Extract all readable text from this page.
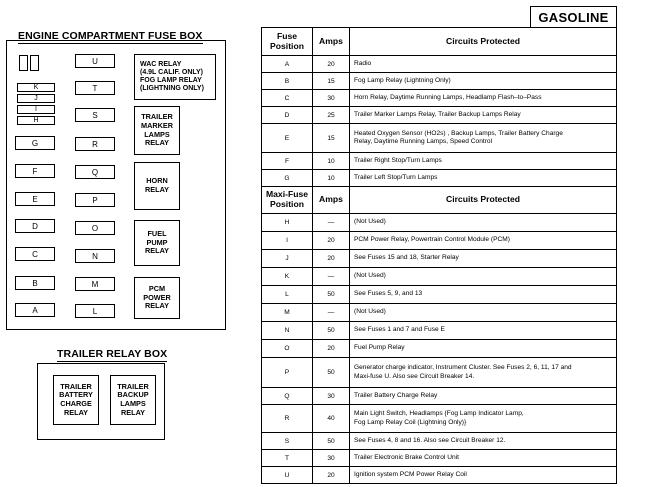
ENGINE COMPARTMENT FUSE BOX
K
J
I
H
G
F
E
D
C
B
A
U
T
S
R
Q
P
O
N
M
L
WAC RELAY
(4.9L CALIF. ONLY)
FOG LAMP RELAY
(LIGHTNING ONLY)
TRAILER
MARKER
LAMPS
RELAY
HORN
RELAY
FUEL
PUMP
RELAY
PCM
POWER
RELAY
TRAILER RELAY BOX
TRAILER
BATTERY
CHARGE
RELAY
TRAILER
BACKUP
LAMPS
RELAY
GASOLINE
Fuse
Position	Amps	Circuits Protected
A	20	Radio
B	15	Fog Lamp Relay (Lightning Only)
C	30	Horn Relay, Daytime Running Lamps, Headlamp Flash–to–Pass
D	25	Trailer Marker Lamps Relay, Trailer Backup Lamps Relay
E	15	Heated Oxygen Sensor (HO2s) , Backup Lamps, Trailer Battery Charge
Relay, Daytime Running Lamps, Speed Control
F	10	Trailer Right Stop/Turn Lamps
G	10	Trailer Left Stop/Turn Lamps
Maxi-Fuse
Position	Amps	Circuits Protected
H	—	(Not Used)
I	20	PCM Power Relay, Powertrain Control Module (PCM)
J	20	See Fuses 15 and 18, Starter Relay
K	—	(Not Used)
L	50	See Fuses 5, 9, and 13
M	—	(Not Used)
N	50	See Fuses 1 and 7 and Fuse E
O	20	Fuel Pump Relay
P	50	Generator charge indicator, Instrument Cluster. See Fuses 2, 6, 11, 17 and
Maxi-fuse U. Also see Circuit Breaker 14.
Q	30	Trailer Battery Charge Relay
R	40	Main Light Switch, Headlamps {Fog Lamp Indicator Lamp,
Fog Lamp Relay Coil (Lightning Only)}
S	50	See Fuses 4, 8 and 16. Also see Circuit Breaker 12.
T	30	Trailer Electronic Brake Control Unit
U	20	Ignition system PCM Power Relay Coil
